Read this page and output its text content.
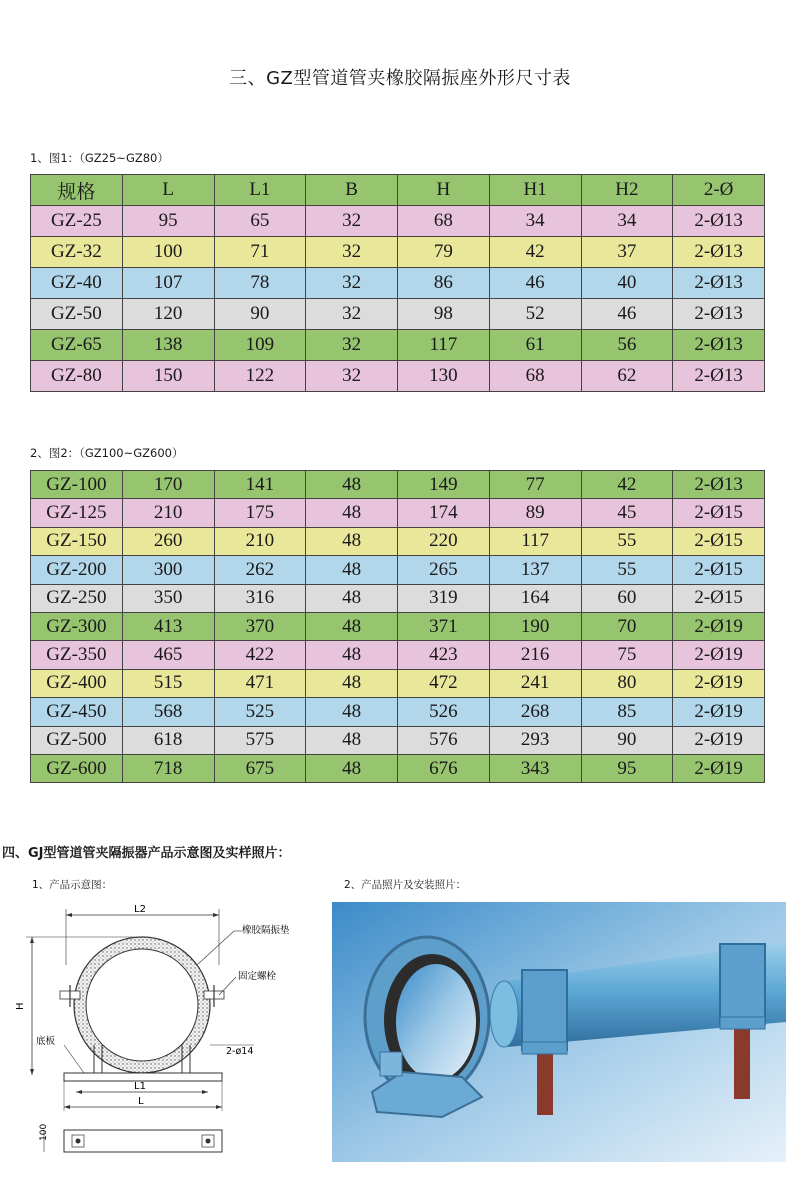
三、GZ型管道管夹橡胶隔振座外形尺寸表
1、图1：（GZ25~GZ80）
规格	L	L1	B	H	H1	H2	2-Ø
GZ-25	95	65	32	68	34	34	2-Ø13
GZ-32	100	71	32	79	42	37	2-Ø13
GZ-40	107	78	32	86	46	40	2-Ø13
GZ-50	120	90	32	98	52	46	2-Ø13
GZ-65	138	109	32	117	61	56	2-Ø13
GZ-80	150	122	32	130	68	62	2-Ø13
2、图2：（GZ100~GZ600）
GZ-100	170	141	48	149	77	42	2-Ø13
GZ-125	210	175	48	174	89	45	2-Ø15
GZ-150	260	210	48	220	117	55	2-Ø15
GZ-200	300	262	48	265	137	55	2-Ø15
GZ-250	350	316	48	319	164	60	2-Ø15
GZ-300	413	370	48	371	190	70	2-Ø19
GZ-350	465	422	48	423	216	75	2-Ø19
GZ-400	515	471	48	472	241	80	2-Ø19
GZ-450	568	525	48	526	268	85	2-Ø19
GZ-500	618	575	48	576	293	90	2-Ø19
GZ-600	718	675	48	676	343	95	2-Ø19
四、GJ型管道管夹隔振器产品示意图及实样照片：
1、产品示意图：	2、产品照片及安装照片：
L2
H
L1
L
橡胶隔振垫
固定螺栓
2-ø14
底板
100
